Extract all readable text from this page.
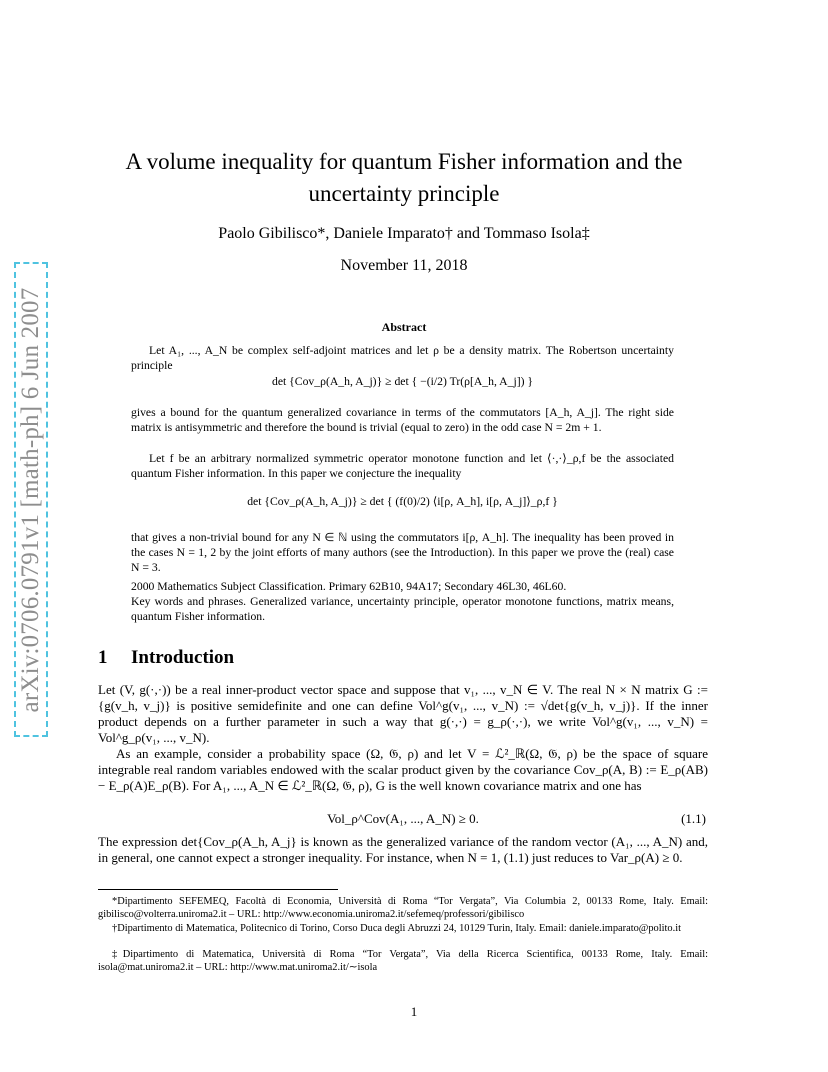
arXiv:0706.0791v1 [math-ph] 6 Jun 2007
A volume inequality for quantum Fisher information and the uncertainty principle
Paolo Gibilisco*, Daniele Imparato† and Tommaso Isola‡
November 11, 2018
Abstract
Let A₁, ..., A_N be complex self-adjoint matrices and let ρ be a density matrix. The Robertson uncertainty principle
det {Cov_ρ(A_h, A_j)} ≥ det { −(i/2) Tr(ρ[A_h, A_j]) }
gives a bound for the quantum generalized covariance in terms of the commutators [A_h, A_j]. The right side matrix is antisymmetric and therefore the bound is trivial (equal to zero) in the odd case N = 2m + 1.
Let f be an arbitrary normalized symmetric operator monotone function and let ⟨·,·⟩_ρ,f be the associated quantum Fisher information. In this paper we conjecture the inequality
det {Cov_ρ(A_h, A_j)} ≥ det { (f(0)/2) ⟨i[ρ, A_h], i[ρ, A_j]⟩_ρ,f }
that gives a non-trivial bound for any N ∈ ℕ using the commutators i[ρ, A_h]. The inequality has been proved in the cases N = 1, 2 by the joint efforts of many authors (see the Introduction). In this paper we prove the (real) case N = 3.
2000 Mathematics Subject Classification. Primary 62B10, 94A17; Secondary 46L30, 46L60.
Key words and phrases. Generalized variance, uncertainty principle, operator monotone functions, matrix means, quantum Fisher information.
1 Introduction
Let (V, g(·,·)) be a real inner-product vector space and suppose that v₁, ..., v_N ∈ V. The real N × N matrix G := {g(v_h, v_j)} is positive semidefinite and one can define Vol^g(v₁, ..., v_N) := √det{g(v_h, v_j)}. If the inner product depends on a further parameter in such a way that g(·,·) = g_ρ(·,·), we write Vol^g(v₁, ..., v_N) = Vol^g_ρ(v₁, ..., v_N).
As an example, consider a probability space (Ω, 𝔊, ρ) and let V = ℒ²_ℝ(Ω, 𝔊, ρ) be the space of square integrable real random variables endowed with the scalar product given by the covariance Cov_ρ(A, B) := E_ρ(AB) − E_ρ(A)E_ρ(B). For A₁, ..., A_N ∈ ℒ²_ℝ(Ω, 𝔊, ρ), G is the well known covariance matrix and one has
Vol_ρ^Cov(A₁, ..., A_N) ≥ 0.	(1.1)
The expression det{Cov_ρ(A_h, A_j} is known as the generalized variance of the random vector (A₁, ..., A_N) and, in general, one cannot expect a stronger inequality. For instance, when N = 1, (1.1) just reduces to Var_ρ(A) ≥ 0.
*Dipartimento SEFEMEQ, Facoltà di Economia, Università di Roma “Tor Vergata”, Via Columbia 2, 00133 Rome, Italy. Email: gibilisco@volterra.uniroma2.it – URL: http://www.economia.uniroma2.it/sefemeq/professori/gibilisco
†Dipartimento di Matematica, Politecnico di Torino, Corso Duca degli Abruzzi 24, 10129 Turin, Italy. Email: daniele.imparato@polito.it
‡Dipartimento di Matematica, Università di Roma “Tor Vergata”, Via della Ricerca Scientifica, 00133 Rome, Italy. Email: isola@mat.uniroma2.it – URL: http://www.mat.uniroma2.it/∼isola
1
